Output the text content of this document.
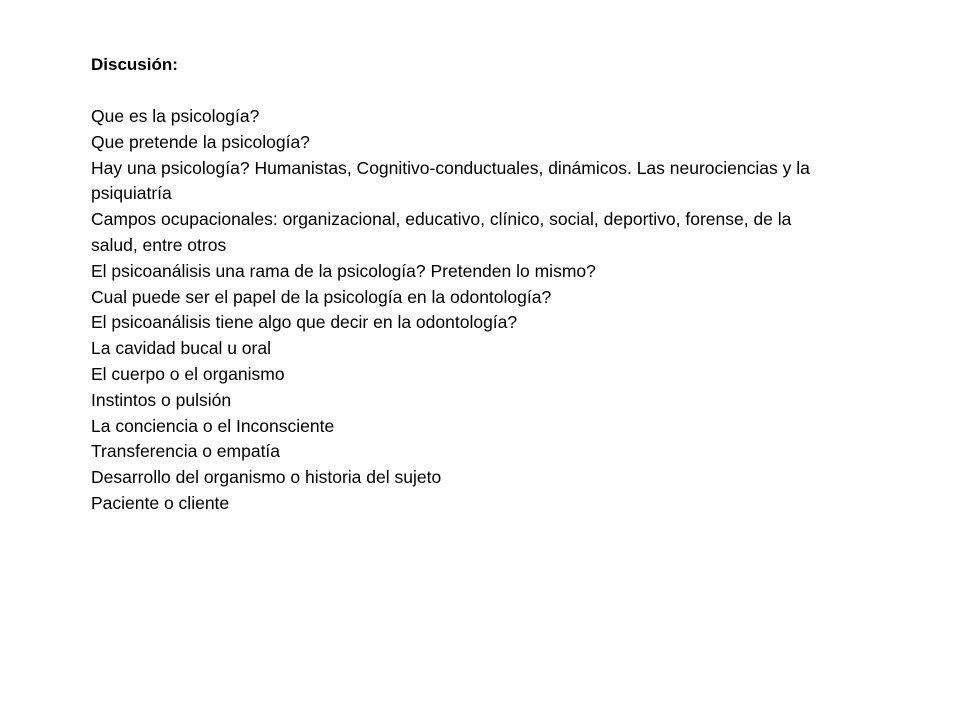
Discusión:
Que es la psicología?
Que pretende la psicología?
Hay una psicología? Humanistas, Cognitivo-conductuales, dinámicos. Las neurociencias y la psiquiatría
Campos ocupacionales: organizacional, educativo, clínico, social, deportivo, forense, de la salud, entre otros
El psicoanálisis una rama de la psicología? Pretenden lo mismo?
Cual puede ser el papel de la psicología en la odontología?
El psicoanálisis tiene algo que decir en la odontología?
La cavidad bucal u oral
El cuerpo o el organismo
Instintos o pulsión
La conciencia o el Inconsciente
Transferencia o empatía
Desarrollo del organismo o historia del sujeto
Paciente o cliente
